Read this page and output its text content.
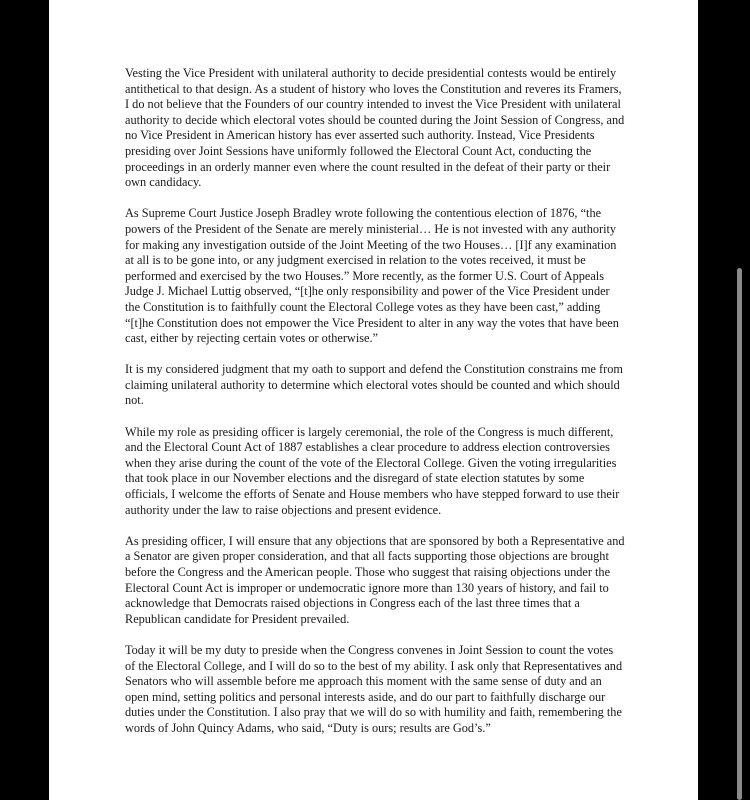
Vesting the Vice President with unilateral authority to decide presidential contests would be entirely antithetical to that design. As a student of history who loves the Constitution and reveres its Framers, I do not believe that the Founders of our country intended to invest the Vice President with unilateral authority to decide which electoral votes should be counted during the Joint Session of Congress, and no Vice President in American history has ever asserted such authority. Instead, Vice Presidents presiding over Joint Sessions have uniformly followed the Electoral Count Act, conducting the proceedings in an orderly manner even where the count resulted in the defeat of their party or their own candidacy.

As Supreme Court Justice Joseph Bradley wrote following the contentious election of 1876, “the powers of the President of the Senate are merely ministerial… He is not invested with any authority for making any investigation outside of the Joint Meeting of the two Houses… [I]f any examination at all is to be gone into, or any judgment exercised in relation to the votes received, it must be performed and exercised by the two Houses.” More recently, as the former U.S. Court of Appeals Judge J. Michael Luttig observed, “[t]he only responsibility and power of the Vice President under the Constitution is to faithfully count the Electoral College votes as they have been cast,” adding “[t]he Constitution does not empower the Vice President to alter in any way the votes that have been cast, either by rejecting certain votes or otherwise.”

It is my considered judgment that my oath to support and defend the Constitution constrains me from claiming unilateral authority to determine which electoral votes should be counted and which should not.

While my role as presiding officer is largely ceremonial, the role of the Congress is much different, and the Electoral Count Act of 1887 establishes a clear procedure to address election controversies when they arise during the count of the vote of the Electoral College. Given the voting irregularities that took place in our November elections and the disregard of state election statutes by some officials, I welcome the efforts of Senate and House members who have stepped forward to use their authority under the law to raise objections and present evidence.

As presiding officer, I will ensure that any objections that are sponsored by both a Representative and a Senator are given proper consideration, and that all facts supporting those objections are brought before the Congress and the American people. Those who suggest that raising objections under the Electoral Count Act is improper or undemocratic ignore more than 130 years of history, and fail to acknowledge that Democrats raised objections in Congress each of the last three times that a Republican candidate for President prevailed.

Today it will be my duty to preside when the Congress convenes in Joint Session to count the votes of the Electoral College, and I will do so to the best of my ability. I ask only that Representatives and Senators who will assemble before me approach this moment with the same sense of duty and an open mind, setting politics and personal interests aside, and do our part to faithfully discharge our duties under the Constitution. I also pray that we will do so with humility and faith, remembering the words of John Quincy Adams, who said, “Duty is ours; results are God’s.”
